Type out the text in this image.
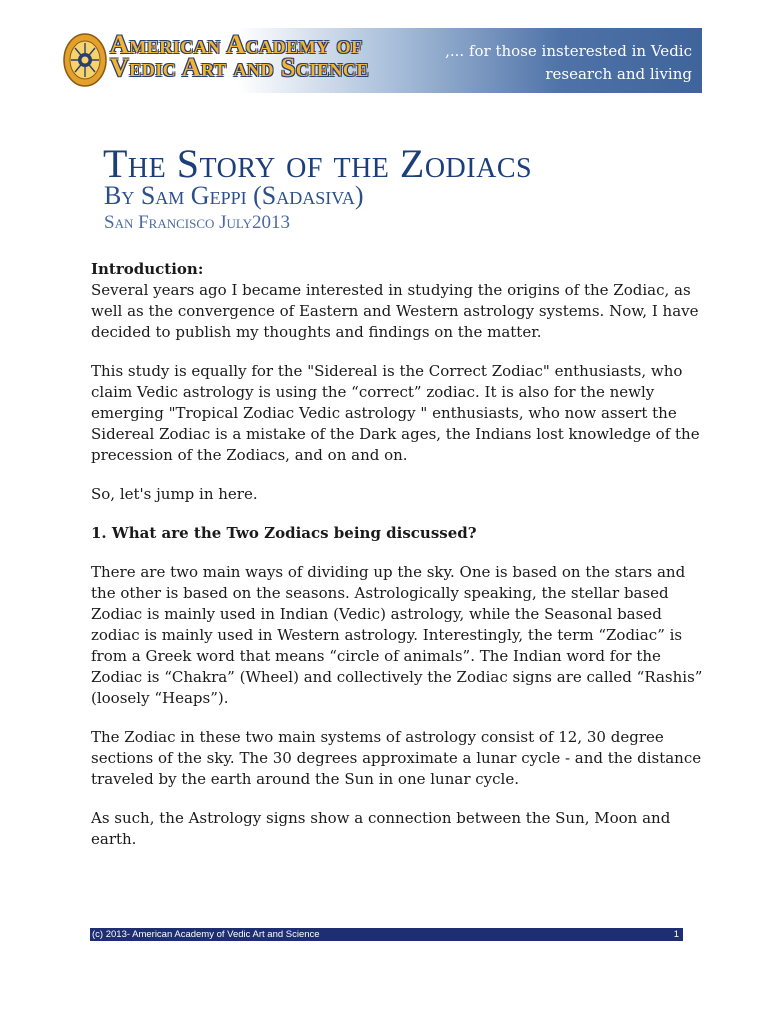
American Academy of
Vedic Art and Science
,... for those insterested in Vedic
research and living
The Story of the Zodiacs
By Sam Geppi (Sadasiva)
San Francisco July2013

Introduction:
Several years ago I became interested in studying the origins of the Zodiac, as well as the convergence of Eastern and Western astrology systems. Now, I have decided to publish my thoughts and findings on the matter.

This study is equally for the "Sidereal is the Correct Zodiac" enthusiasts, who claim Vedic astrology is using the “correct” zodiac. It is also for the newly emerging "Tropical Zodiac Vedic astrology " enthusiasts, who now assert the Sidereal Zodiac is a mistake of the Dark ages, the Indians lost knowledge of the precession of the Zodiacs, and on and on.

So, let's jump in here.

1. What are the Two Zodiacs being discussed?

There are two main ways of dividing up the sky. One is based on the stars and the other is based on the seasons. Astrologically speaking, the stellar based Zodiac is mainly used in Indian (Vedic) astrology, while the Seasonal based zodiac is mainly used in Western astrology. Interestingly, the term “Zodiac” is from a Greek word that means “circle of animals”. The Indian word for the Zodiac is “Chakra” (Wheel) and collectively the Zodiac signs are called “Rashis” (loosely “Heaps”).

The Zodiac in these two main systems of astrology consist of 12, 30 degree sections of the sky. The 30 degrees approximate a lunar cycle - and the distance traveled by the earth around the Sun in one lunar cycle.

As such, the Astrology signs show a connection between the Sun, Moon and earth.

(c) 2013- American Academy of Vedic Art and Science	1
